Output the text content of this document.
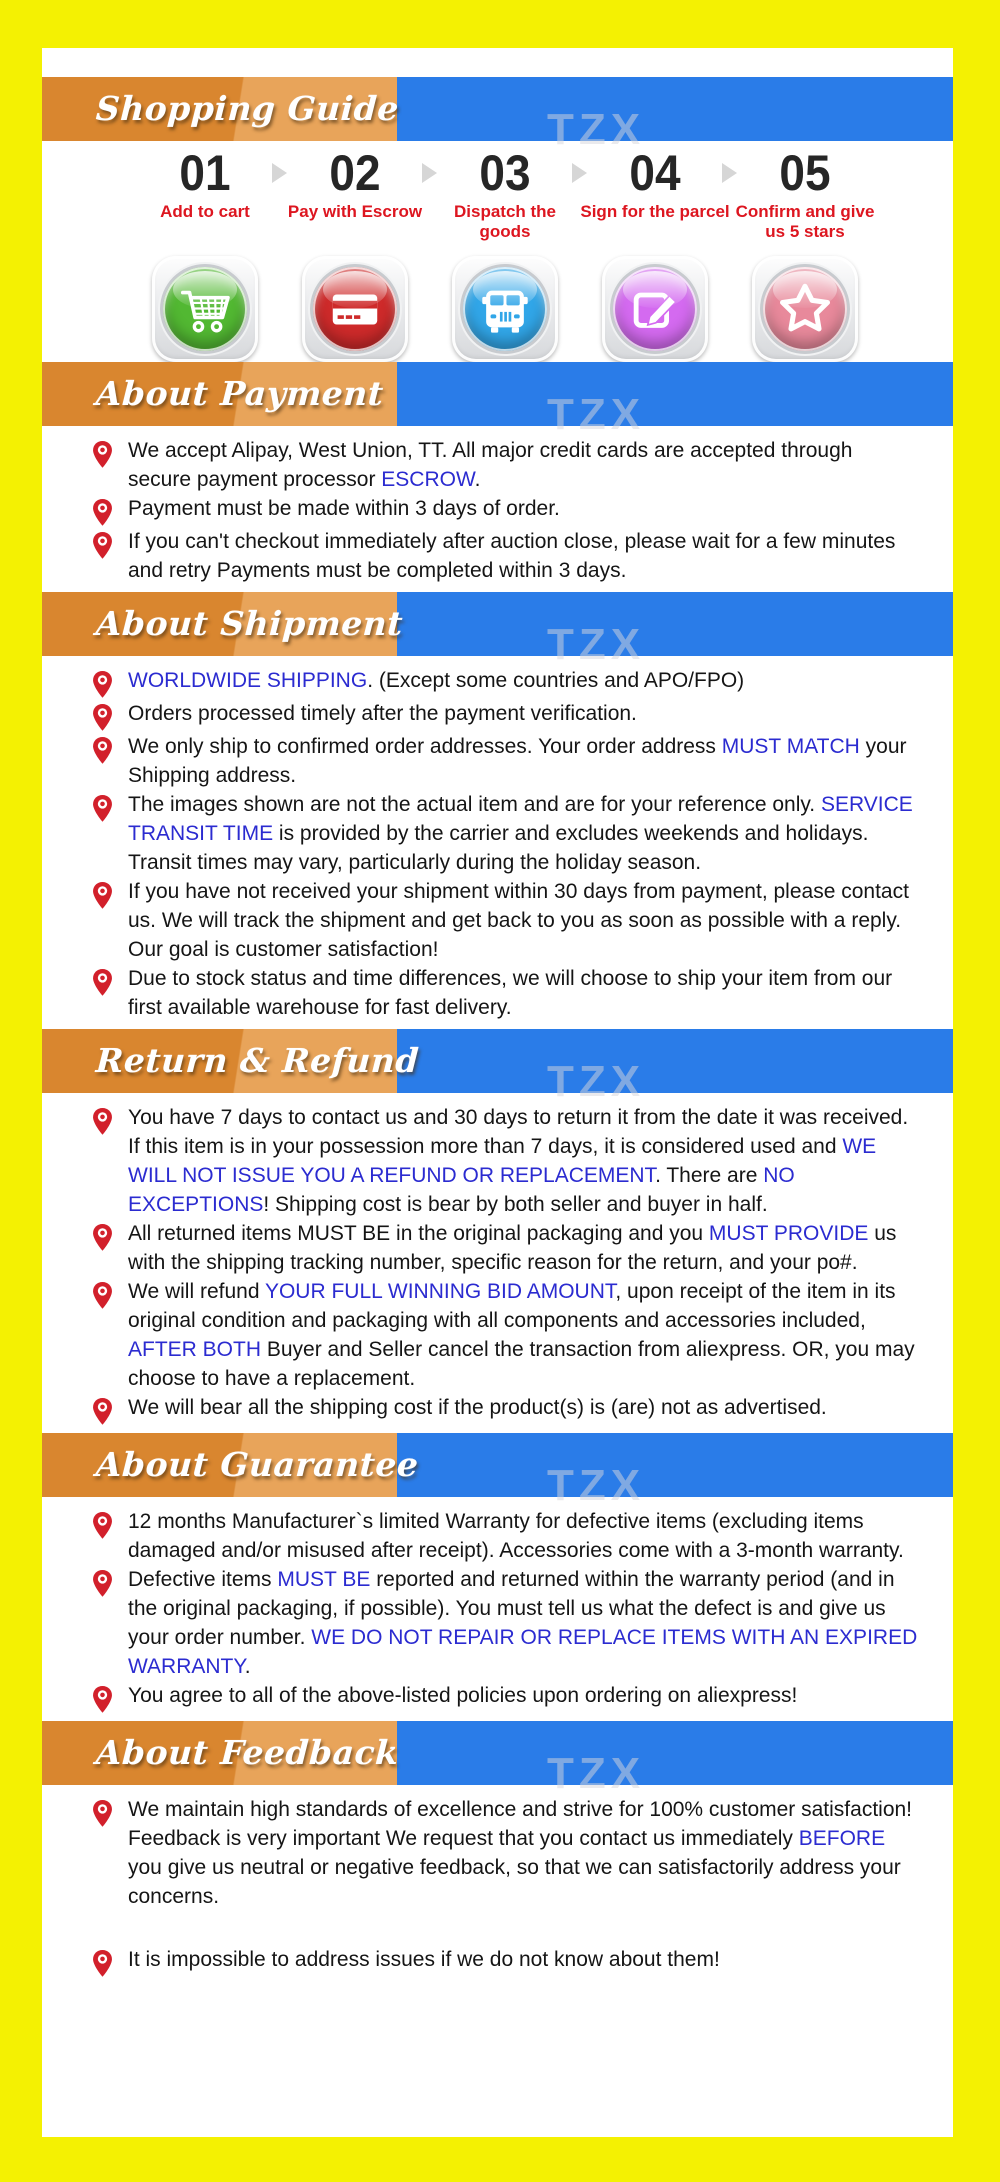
Shopping Guide	TZX
01
Add to cart
02
Pay with Escrow
03
Dispatch the goods
04
Sign for the parcel
05
Confirm and give us 5 stars
About Payment	TZX

We accept Alipay, West Union, TT. All major credit cards are accepted through secure payment processor ESCROW.

Payment must be made within 3 days of order.

If you can't checkout immediately after auction close, please wait for a few minutes and retry Payments must be completed within 3 days.

About Shipment	TZX

WORLDWIDE SHIPPING. (Except some countries and APO/FPO)

Orders processed timely after the payment verification.

We only ship to confirmed order addresses. Your order address MUST MATCH your Shipping address.

The images shown are not the actual item and are for your reference only. SERVICE TRANSIT TIME is provided by the carrier and excludes weekends and holidays. Transit times may vary, particularly during the holiday season.

If you have not received your shipment within 30 days from payment, please contact us. We will track the shipment and get back to you as soon as possible with a reply. Our goal is customer satisfaction!

Due to stock status and time differences, we will choose to ship your item from our first available warehouse for fast delivery.

Return & Refund	TZX

You have 7 days to contact us and 30 days to return it from the date it was received. If this item is in your possession more than 7 days, it is considered used and WE WILL NOT ISSUE YOU A REFUND OR REPLACEMENT. There are NO EXCEPTIONS! Shipping cost is bear by both seller and buyer in half.

All returned items MUST BE in the original packaging and you MUST PROVIDE us with the shipping tracking number, specific reason for the return, and your po#.

We will refund YOUR FULL WINNING BID AMOUNT, upon receipt of the item in its original condition and packaging with all components and accessories included, AFTER BOTH Buyer and Seller cancel the transaction from aliexpress. OR, you may choose to have a replacement.

We will bear all the shipping cost if the product(s) is (are) not as advertised.

About Guarantee	TZX

12 months Manufacturer`s limited Warranty for defective items (excluding items damaged and/or misused after receipt). Accessories come with a 3-month warranty.

Defective items MUST BE reported and returned within the warranty period (and in the original packaging, if possible). You must tell us what the defect is and give us your order number. WE DO NOT REPAIR OR REPLACE ITEMS WITH AN EXPIRED WARRANTY.

You agree to all of the above-listed policies upon ordering on aliexpress!

About Feedback	TZX

We maintain high standards of excellence and strive for 100% customer satisfaction! Feedback is very important We request that you contact us immediately BEFORE you give us neutral or negative feedback, so that we can satisfactorily address your concerns.

It is impossible to address issues if we do not know about them!
